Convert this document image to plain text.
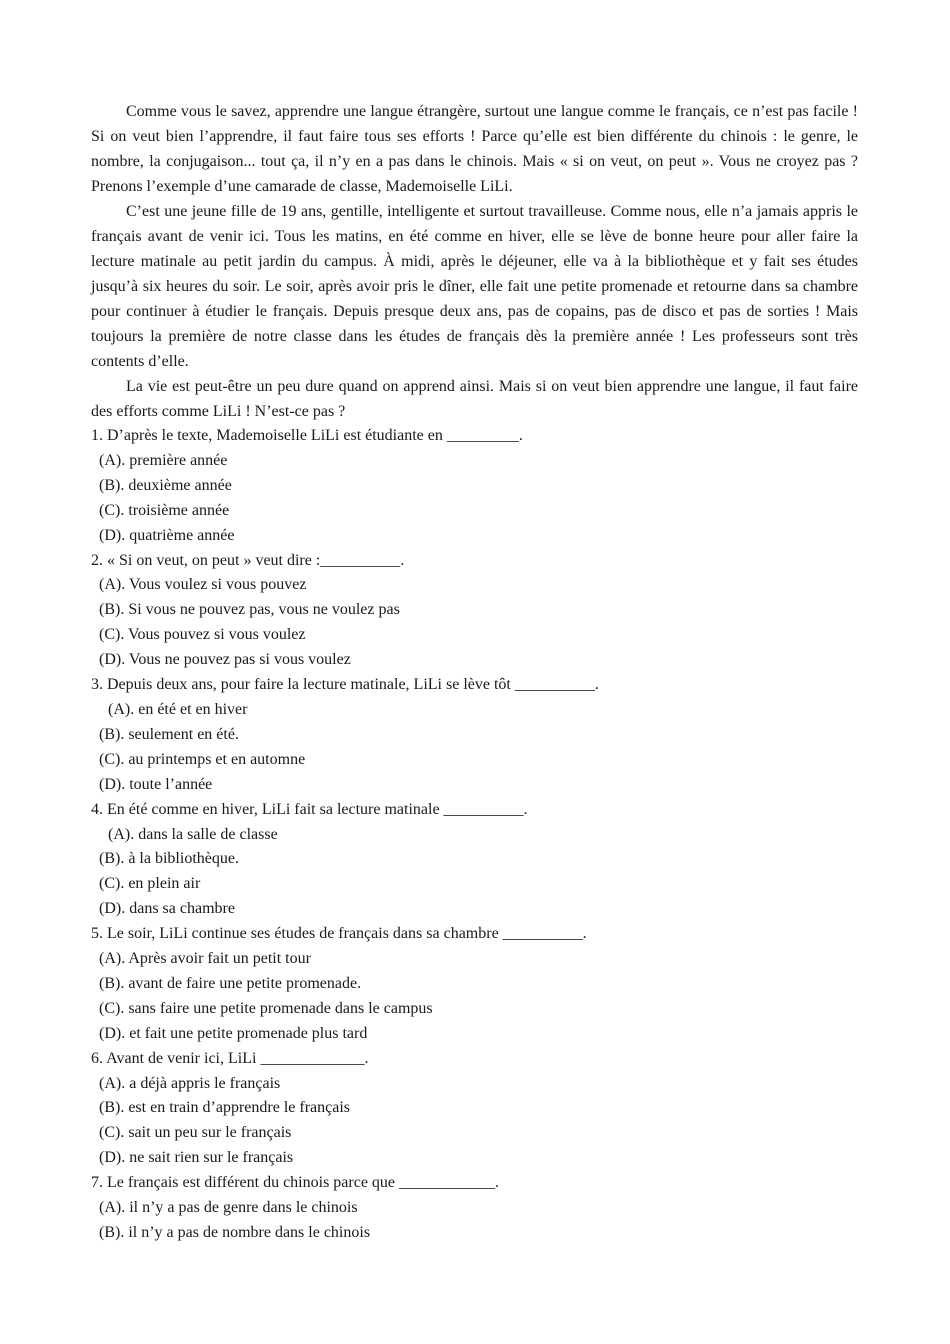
Comme vous le savez, apprendre une langue étrangère, surtout une langue comme le français, ce n’est pas facile ! Si on veut bien l’apprendre, il faut faire tous ses efforts ! Parce qu’elle est bien différente du chinois : le genre, le nombre, la conjugaison... tout ça, il n’y en a pas dans le chinois. Mais « si on veut, on peut ». Vous ne croyez pas ? Prenons l’exemple d’une camarade de classe, Mademoiselle LiLi.

C’est une jeune fille de 19 ans, gentille, intelligente et surtout travailleuse. Comme nous, elle n’a jamais appris le français avant de venir ici. Tous les matins, en été comme en hiver, elle se lève de bonne heure pour aller faire la lecture matinale au petit jardin du campus. À midi, après le déjeuner, elle va à la bibliothèque et y fait ses études jusqu’à six heures du soir. Le soir, après avoir pris le dîner, elle fait une petite promenade et retourne dans sa chambre pour continuer à étudier le français. Depuis presque deux ans, pas de copains, pas de disco et pas de sorties ! Mais toujours la première de notre classe dans les études de français dès la première année ! Les professeurs sont très contents d’elle.

La vie est peut-être un peu dure quand on apprend ainsi. Mais si on veut bien apprendre une langue, il faut faire des efforts comme LiLi ! N’est-ce pas ?

1. D’après le texte, Mademoiselle LiLi est étudiante en _________.

(A). première année

(B). deuxième année

(C). troisième année

(D). quatrième année

2. « Si on veut, on peut » veut dire :__________.

(A). Vous voulez si vous pouvez

(B). Si vous ne pouvez pas, vous ne voulez pas

(C). Vous pouvez si vous voulez

(D). Vous ne pouvez pas si vous voulez

3. Depuis deux ans, pour faire la lecture matinale, LiLi se lève tôt __________.

(A). en été et en hiver

(B). seulement en été.

(C). au printemps et en automne

(D). toute l’année

4. En été comme en hiver, LiLi fait sa lecture matinale __________.

(A). dans la salle de classe

(B). à la bibliothèque.

(C). en plein air

(D). dans sa chambre

5. Le soir, LiLi continue ses études de français dans sa chambre __________.

(A). Après avoir fait un petit tour

(B). avant de faire une petite promenade.

(C). sans faire une petite promenade dans le campus

(D). et fait une petite promenade plus tard

6. Avant de venir ici, LiLi _____________.

(A). a déjà appris le français

(B). est en train d’apprendre le français

(C). sait un peu sur le français

(D). ne sait rien sur le français

7. Le français est différent du chinois parce que ____________.

(A). il n’y a pas de genre dans le chinois

(B). il n’y a pas de nombre dans le chinois
